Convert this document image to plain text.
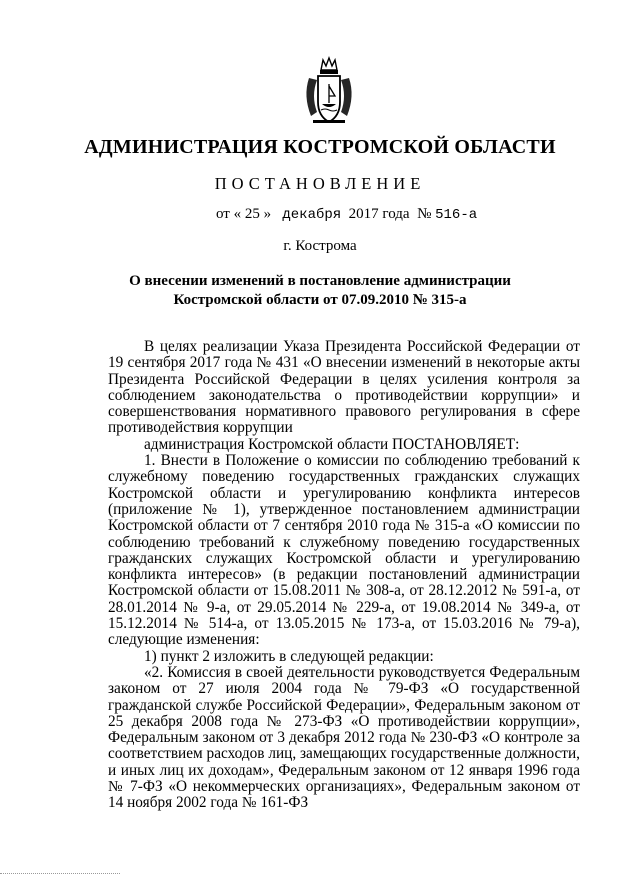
АДМИНИСТРАЦИЯ КОСТРОМСКОЙ ОБЛАСТИ
ПОСТАНОВЛЕНИЕ
от « 25 » декабря 2017 года № 516-а
г. Кострома
О внесении изменений в постановление администрации
Костромской области от 07.09.2010 № 315-а

В целях реализации Указа Президента Российской Федерации от 19 сентября 2017 года № 431 «О внесении изменений в некоторые акты Президента Российской Федерации в целях усиления контроля за соблюдением законодательства о противодействии коррупции» и совершенствования нормативного правового регулирования в сфере противодействия коррупции

администрация Костромской области ПОСТАНОВЛЯЕТ:

1. Внести в Положение о комиссии по соблюдению требований к служебному поведению государственных гражданских служащих Костромской области и урегулированию конфликта интересов (приложение № 1), утвержденное постановлением администрации Костромской области от 7 сентября 2010 года № 315-а «О комиссии по соблюдению требований к служебному поведению государственных гражданских служащих Костромской области и урегулированию конфликта интересов» (в редакции постановлений администрации Костромской области от 15.08.2011 № 308-а, от 28.12.2012 № 591-а, от 28.01.2014 № 9-а, от 29.05.2014 № 229-а, от 19.08.2014 № 349-а, от 15.12.2014 № 514-а, от 13.05.2015 № 173-а, от 15.03.2016 № 79-а), следующие изменения:

1) пункт 2 изложить в следующей редакции:

«2. Комиссия в своей деятельности руководствуется Федеральным законом от 27 июля 2004 года № 79-ФЗ «О государственной гражданской службе Российской Федерации», Федеральным законом от 25 декабря 2008 года № 273-ФЗ «О противодействии коррупции», Федеральным законом от 3 декабря 2012 года № 230-ФЗ «О контроле за соответствием расходов лиц, замещающих государственные должности, и иных лиц их доходам», Федеральным законом от 12 января 1996 года № 7-ФЗ «О некоммерческих организациях», Федеральным законом от 14 ноября 2002 года № 161-ФЗ
